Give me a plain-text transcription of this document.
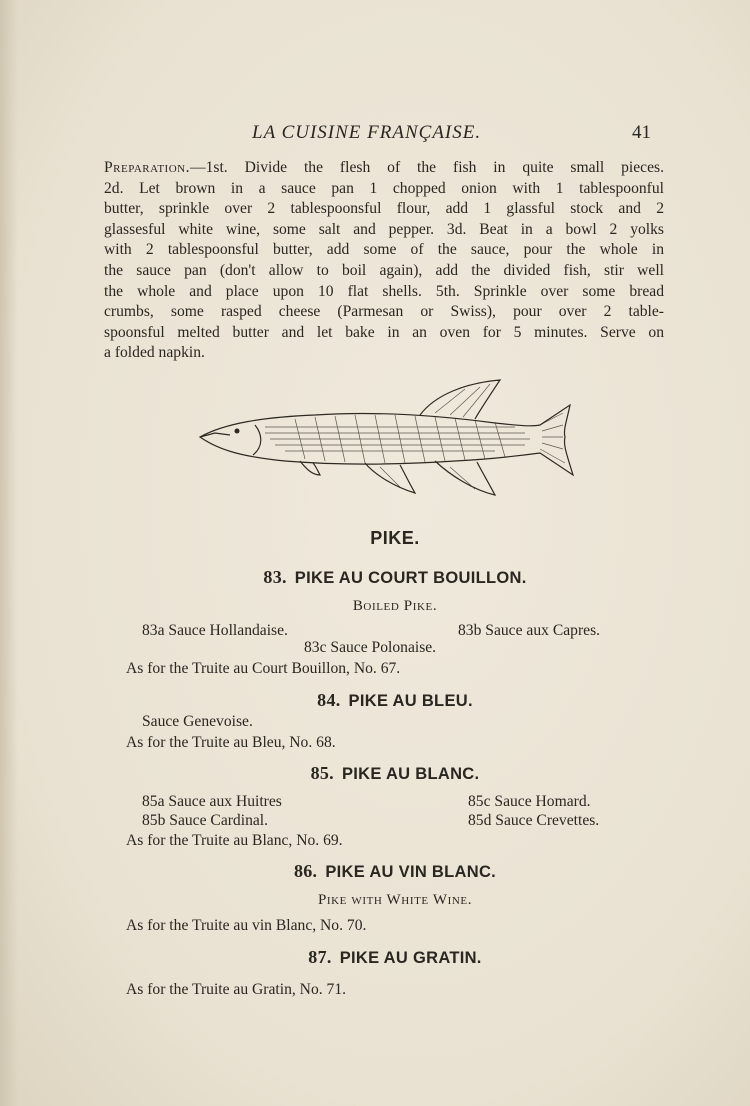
LA CUISINE FRANÇAISE.	41
Preparation.—1st. Divide the flesh of the fish in quite small pieces.
2d. Let brown in a sauce pan 1 chopped onion with 1 tablespoonful
butter, sprinkle over 2 tablespoonsful flour, add 1 glassful stock and 2
glassesful white wine, some salt and pepper. 3d. Beat in a bowl 2 yolks
with 2 tablespoonsful butter, add some of the sauce, pour the whole in
the sauce pan (don't allow to boil again), add the divided fish, stir well
the whole and place upon 10 flat shells. 5th. Sprinkle over some bread
crumbs, some rasped cheese (Parmesan or Swiss), pour over 2 table-
spoonsful melted butter and let bake in an oven for 5 minutes. Serve on
a folded napkin.
PIKE.
83. PIKE AU COURT BOUILLON.
Boiled Pike.
83a Sauce Hollandaise.	83b Sauce aux Capres.
83c Sauce Polonaise.
As for the Truite au Court Bouillon, No. 67.
84. PIKE AU BLEU.
Sauce Genevoise.
As for the Truite au Bleu, No. 68.
85. PIKE AU BLANC.
85a Sauce aux Huitres
85b Sauce Cardinal.
85c Sauce Homard.
85d Sauce Crevettes.
As for the Truite au Blanc, No. 69.
86. PIKE AU VIN BLANC.
Pike with White Wine.
As for the Truite au vin Blanc, No. 70.
87. PIKE AU GRATIN.
As for the Truite au Gratin, No. 71.
